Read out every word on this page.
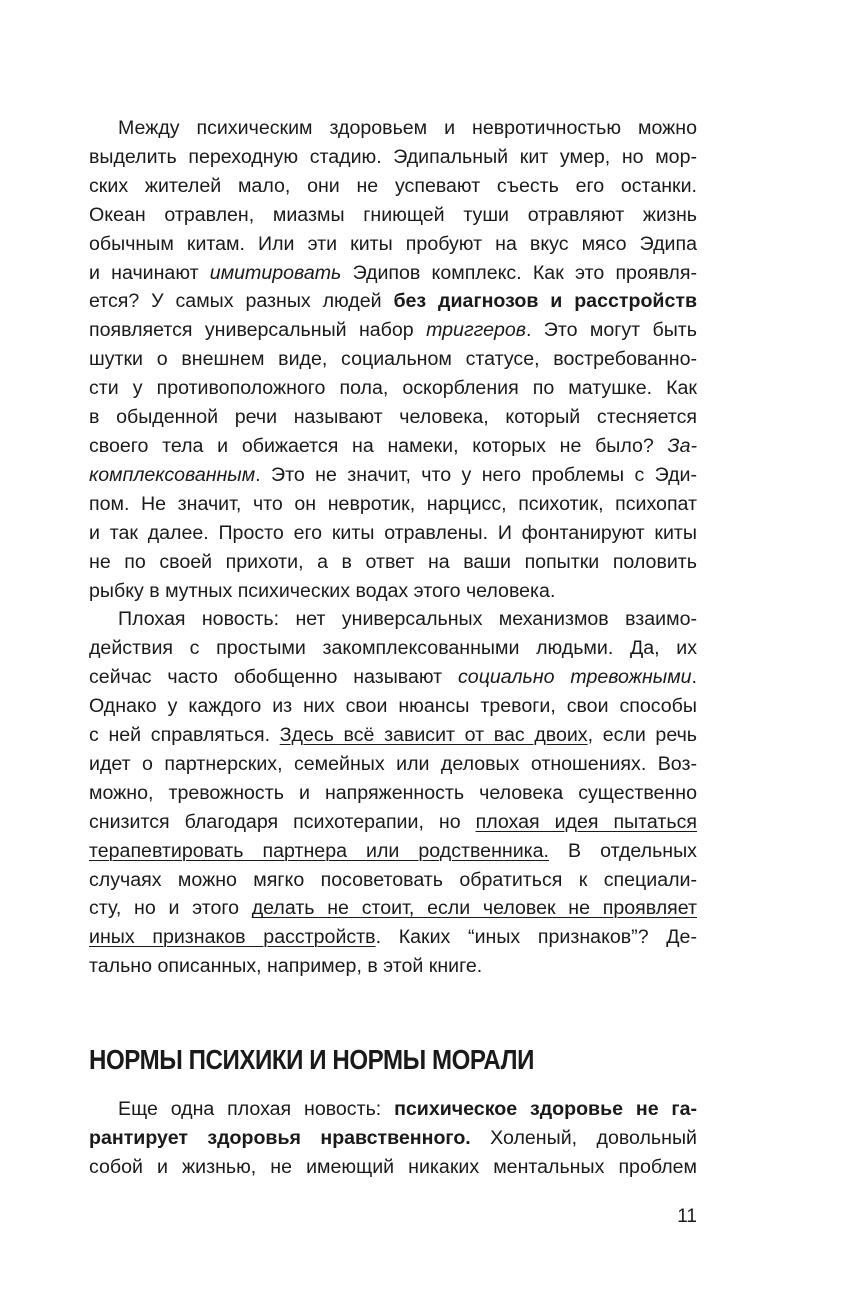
Между психическим здоровьем и невротичностью можно
выделить переходную стадию. Эдипальный кит умер, но мор-
ских жителей мало, они не успевают съесть его останки.
Океан отравлен, миазмы гниющей туши отравляют жизнь
обычным китам. Или эти киты пробуют на вкус мясо Эдипа
и начинают имитировать Эдипов комплекс. Как это проявля-
ется? У самых разных людей без диагнозов и расстройств
появляется универсальный набор триггеров. Это могут быть
шутки о внешнем виде, социальном статусе, востребованно-
сти у противоположного пола, оскорбления по матушке. Как
в обыденной речи называют человека, который стесняется
своего тела и обижается на намеки, которых не было? За-
комплексованным. Это не значит, что у него проблемы с Эди-
пом. Не значит, что он невротик, нарцисс, психотик, психопат
и так далее. Просто его киты отравлены. И фонтанируют киты
не по своей прихоти, а в ответ на ваши попытки половить
рыбку в мутных психических водах этого человека.

Плохая новость: нет универсальных механизмов взаимо-
действия с простыми закомплексованными людьми. Да, их
сейчас часто обобщенно называют социально тревожными.
Однако у каждого из них свои нюансы тревоги, свои способы
с ней справляться. Здесь всё зависит от вас двоих, если речь
идет о партнерских, семейных или деловых отношениях. Воз-
можно, тревожность и напряженность человека существенно
снизится благодаря психотерапии, но плохая идея пытаться
терапевтировать партнера или родственника. В отдельных
случаях можно мягко посоветовать обратиться к специали-
сту, но и этого делать не стоит, если человек не проявляет
иных признаков расстройств. Каких “иных признаков”? Де-
тально описанных, например, в этой книге.

НОРМЫ ПСИХИКИ И НОРМЫ МОРАЛИ

Еще одна плохая новость: психическое здоровье не га-
рантирует здоровья нравственного. Холеный, довольный
собой и жизнью, не имеющий никаких ментальных проблем

11
